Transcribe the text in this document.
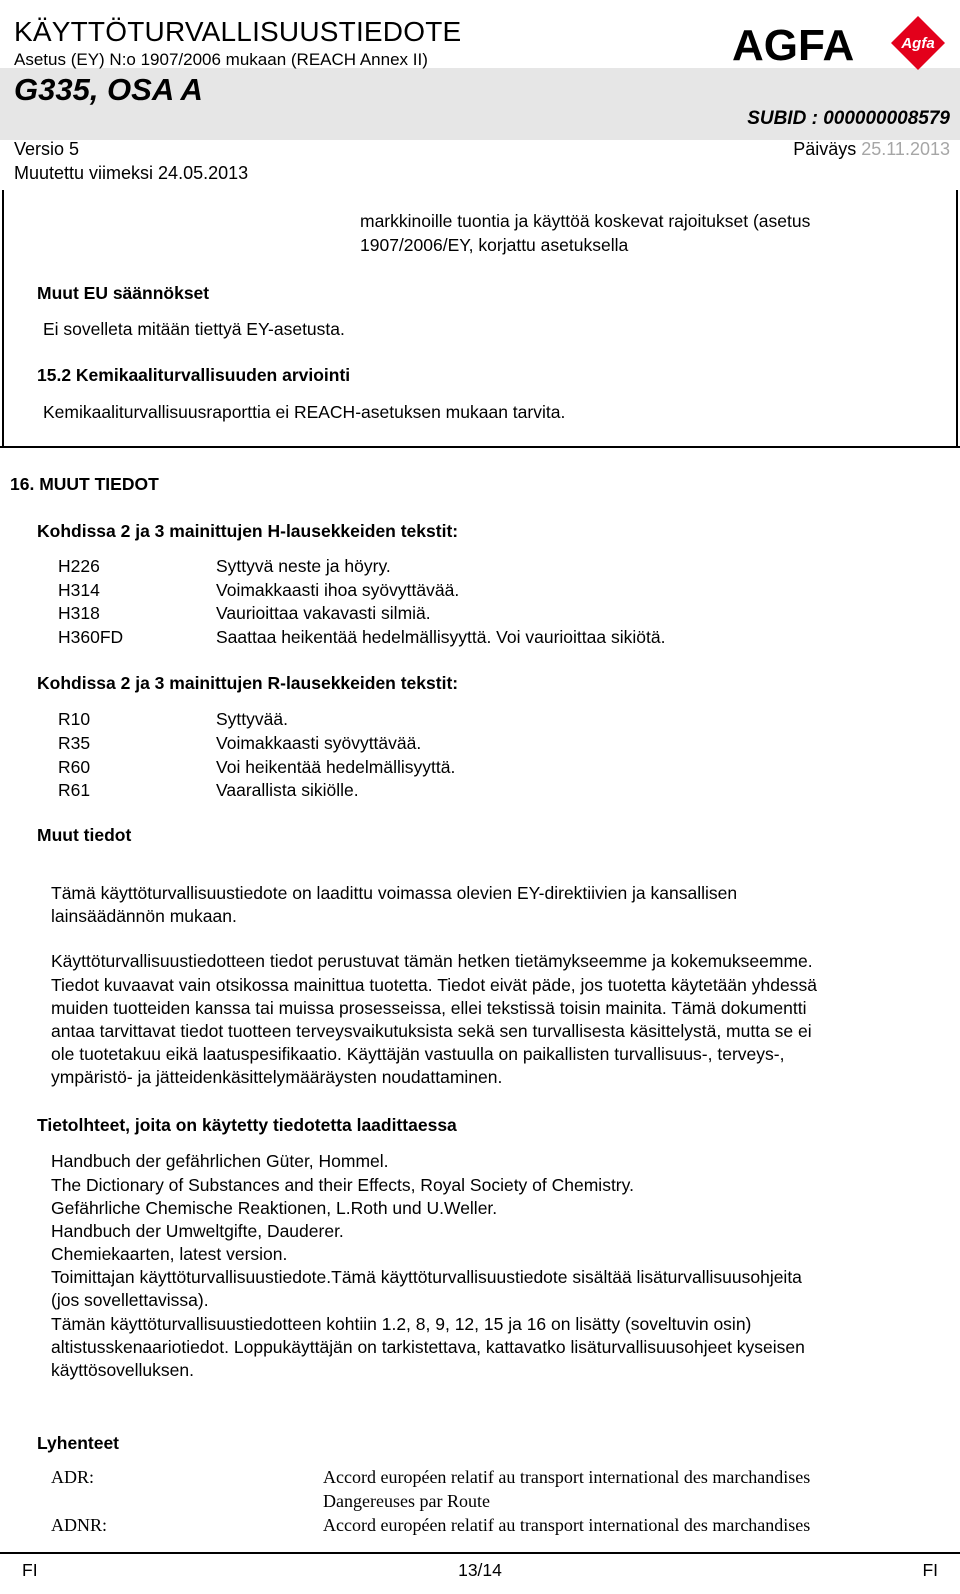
KÄYTTÖTURVALLISUUSTIEDOTE
Asetus (EY) N:o 1907/2006 mukaan (REACH Annex II)
G335, OSA A
SUBID : 000000008579
Versio 5	Päiväys 25.11.2013
Muutettu viimeksi 24.05.2013
AGFA	Agfa
markkinoille tuontia ja käyttöä koskevat rajoitukset (asetus
1907/2006/EY, korjattu asetuksella
Muut EU säännökset
Ei sovelleta mitään tiettyä EY-asetusta.
15.2 Kemikaaliturvallisuuden arviointi
Kemikaaliturvallisuusraporttia ei REACH-asetuksen mukaan tarvita.
16. MUUT TIEDOT
Kohdissa 2 ja 3 mainittujen H-lausekkeiden tekstit:
H226	Syttyvä neste ja höyry.
H314	Voimakkaasti ihoa syövyttävää.
H318	Vaurioittaa vakavasti silmiä.
H360FD	Saattaa heikentää hedelmällisyyttä. Voi vaurioittaa sikiötä.
Kohdissa 2 ja 3 mainittujen R-lausekkeiden tekstit:
R10	Syttyvää.
R35	Voimakkaasti syövyttävää.
R60	Voi heikentää hedelmällisyyttä.
R61	Vaarallista sikiölle.
Muut tiedot
Tämä käyttöturvallisuustiedote on laadittu voimassa olevien EY-direktiivien ja kansallisen
lainsäädännön mukaan.
Käyttöturvallisuustiedotteen tiedot perustuvat tämän hetken tietämykseemme ja kokemukseemme.
Tiedot kuvaavat vain otsikossa mainittua tuotetta. Tiedot eivät päde, jos tuotetta käytetään yhdessä
muiden tuotteiden kanssa tai muissa prosesseissa, ellei tekstissä toisin mainita. Tämä dokumentti
antaa tarvittavat tiedot tuotteen terveysvaikutuksista sekä sen turvallisesta käsittelystä, mutta se ei
ole tuotetakuu eikä laatuspesifikaatio. Käyttäjän vastuulla on paikallisten turvallisuus-, terveys-,
ympäristö- ja jätteidenkäsittelymääräysten noudattaminen.
Tietolhteet, joita on käytetty tiedotetta laadittaessa
Handbuch der gefährlichen Güter, Hommel.
The Dictionary of Substances and their Effects, Royal Society of Chemistry.
Gefährliche Chemische Reaktionen, L.Roth und U.Weller.
Handbuch der Umweltgifte, Dauderer.
Chemiekaarten, latest version.
Toimittajan käyttöturvallisuustiedote.Tämä käyttöturvallisuustiedote sisältää lisäturvallisuusohjeita
(jos sovellettavissa).
Tämän käyttöturvallisuustiedotteen kohtiin 1.2, 8, 9, 12, 15 ja 16 on lisätty (soveltuvin osin)
altistusskenaariotiedot. Loppukäyttäjän on tarkistettava, kattavatko lisäturvallisuusohjeet kyseisen
käyttösovelluksen.
Lyhenteet
ADR:	Accord européen relatif au transport international des marchandises
Dangereuses par Route
ADNR:	Accord européen relatif au transport international des marchandises
FI	13/14	FI
